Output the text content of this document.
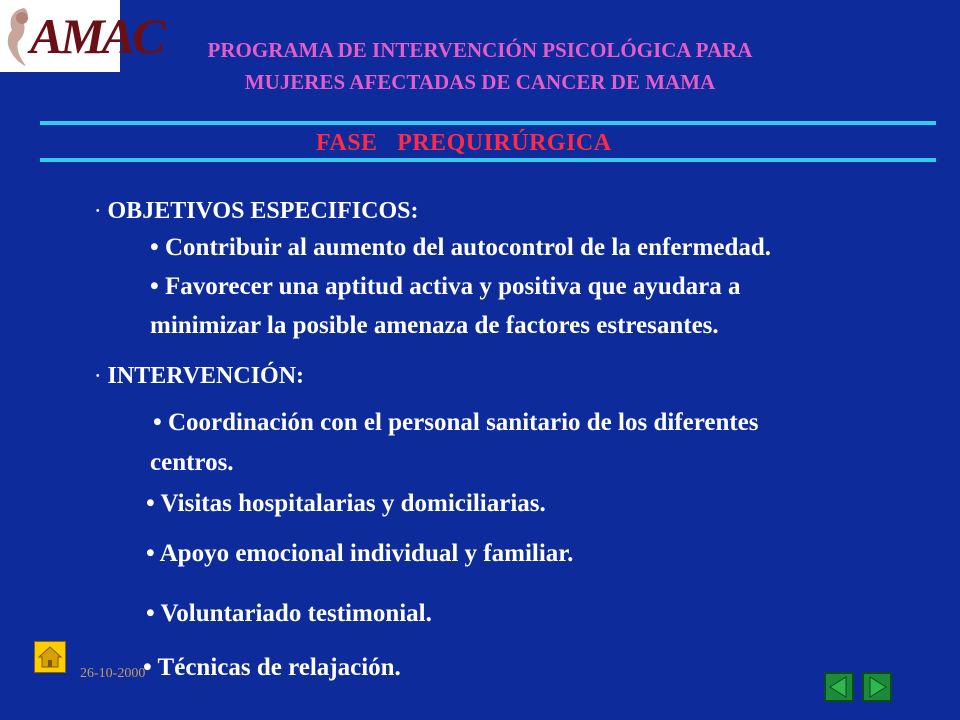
AMAC	PROGRAMA DE INTERVENCIÓN PSICOLÓGICA PARA
MUJERES AFECTADAS DE CANCER DE MAMA
FASE   PREQUIRÚRGICA
• OBJETIVOS ESPECIFICOS:
• Contribuir al aumento del autocontrol de la enfermedad.
• Favorecer una aptitud activa y positiva que ayudara a
minimizar la posible amenaza de factores estresantes.
• INTERVENCIÓN:
• Coordinación con el personal sanitario de los diferentes
centros.
• Visitas hospitalarias y domiciliarias.
• Apoyo emocional individual y familiar.
• Voluntariado testimonial.
26-10-2000
• Técnicas de relajación.
